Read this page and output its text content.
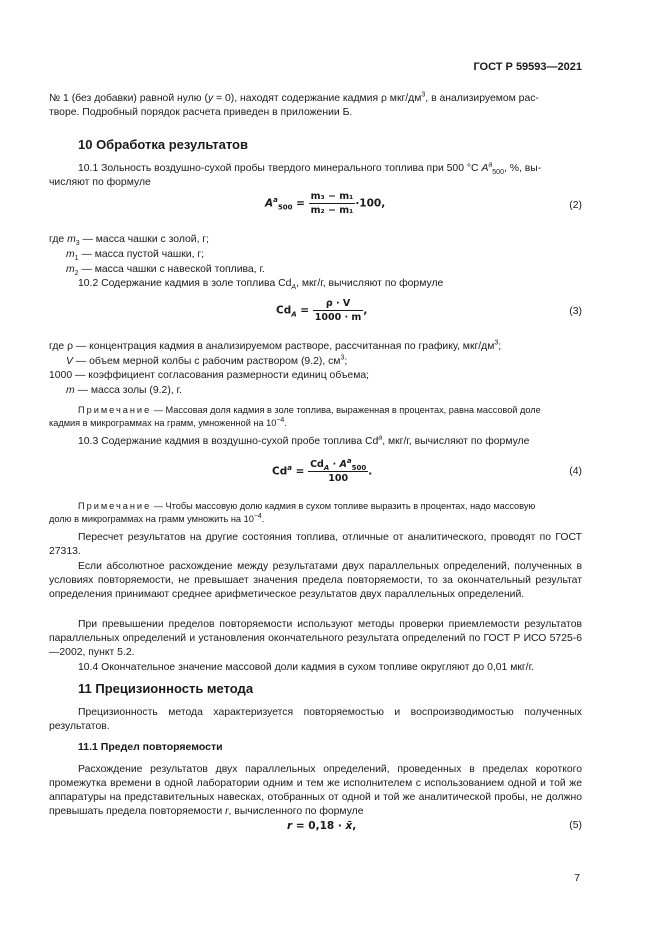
ГОСТ Р 59593—2021
№ 1 (без добавки) равной нулю (y = 0), находят содержание кадмия ρ мкг/$дм^3$, в анализируемом рас-
творе. Подробный порядок расчета приведен в приложении Б.
10 Обработка результатов
10.1 Зольность воздушно-сухой пробы твердого минерального топлива при 500 °С $A^a_{500}$, %, вы-
числяют по формуле
$A^a_{500} = \frac{\text{m₃ − m₁}}{\text{m₂ − m₁}} \cdot 100$,	(2)
где $m_3$ — масса чашки с золой, г;
$m_1$ — масса пустой чашки, г;
$m_2$ — масса чашки с навеской топлива, г.
10.2 Содержание кадмия в золе топлива $Cd_A$, мкг/г, вычисляют по формуле
$Cd_A = \frac{\rho \cdot V}{1000 \cdot m}$ ,	(3)
где ρ — концентрация кадмия в анализируемом растворе, рассчитанная по графику, мкг/$дм^3$;
V — объем мерной колбы с рабочим раствором (9.2), $см^3$;
1000 — коэффициент согласования размерности единиц объема;
m — масса золы (9.2), г.
Примечание — Массовая доля кадмия в золе топлива, выраженная в процентах, равна массовой доле
кадмия в микрограммах на грамм, умноженной на $10^{-4}$.
10.3 Содержание кадмия в воздушно-сухой пробе топлива Cd$^a$, мкг/г, вычисляют по формуле
$Cd^a = \frac{Cd_A \cdot A^a_{500}}{100}$ .	(4)
Примечание — Чтобы массовую долю кадмия в сухом топливе выразить в процентах, надо массовую
долю в микрограммах на грамм умножить на $10^{-4}$.
Пересчет результатов на другие состояния топлива, отличные от аналитического, проводят по ГОСТ 27313.
Если абсолютное расхождение между результатами двух параллельных определений, полученных в условиях повторяемости, не превышает значения предела повторяемости, то за окончательный результат определения принимают среднее арифметическое результатов двух параллельных определений.
При превышении пределов повторяемости используют методы проверки приемлемости результатов параллельных определений и установления окончательного результата определений по ГОСТ Р ИСО 5725-6—2002, пункт 5.2.
10.4 Окончательное значение массовой доли кадмия в сухом топливе округляют до 0,01 мкг/г.
11 Прецизионность метода
Прецизионность метода характеризуется повторяемостью и воспроизводимостью полученных результатов.
11.1 Предел повторяемости
Расхождение результатов двух параллельных определений, проведенных в пределах короткого промежутка времени в одной лаборатории одним и тем же исполнителем с использованием одной и той же аппаратуры на представительных навесках, отобранных от одной и той же аналитической пробы, не должно превышать предела повторяемости r, вычисленного по формуле
r = 0,18 · x̄,	(5)
7
